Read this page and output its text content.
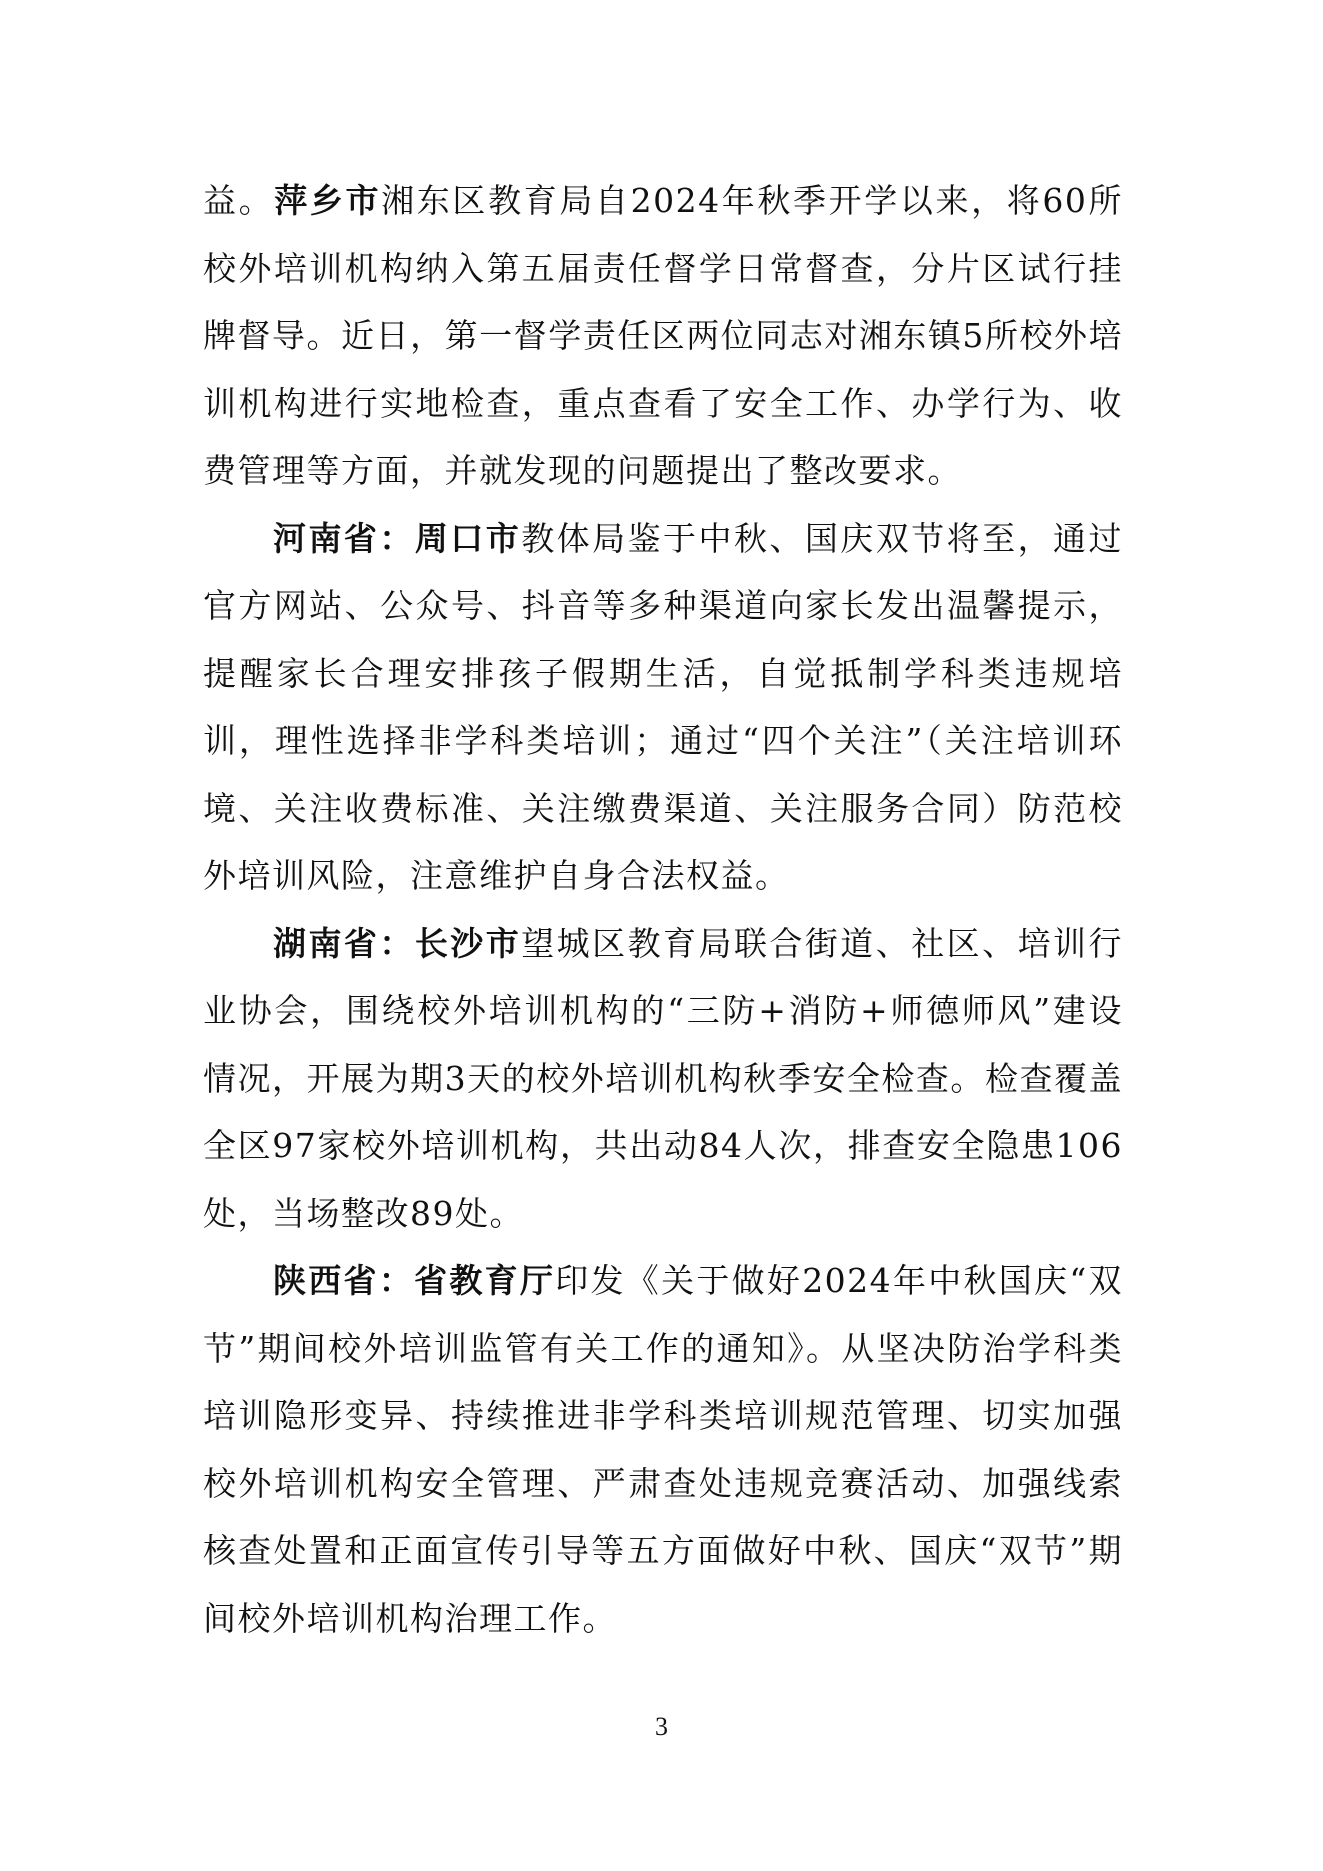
益。萍乡市湘东区教育局自2024年秋季开学以来，将60所校外培训机构纳入第五届责任督学日常督查，分片区试行挂牌督导。近日，第一督学责任区两位同志对湘东镇5所校外培训机构进行实地检查，重点查看了安全工作、办学行为、收费管理等方面，并就发现的问题提出了整改要求。

河南省：周口市教体局鉴于中秋、国庆双节将至，通过官方网站、公众号、抖音等多种渠道向家长发出温馨提示，提醒家长合理安排孩子假期生活，自觉抵制学科类违规培训，理性选择非学科类培训；通过“四个关注”（关注培训环境、关注收费标准、关注缴费渠道、关注服务合同）防范校外培训风险，注意维护自身合法权益。

湖南省：长沙市望城区教育局联合街道、社区、培训行业协会，围绕校外培训机构的“三防+消防+师德师风”建设情况，开展为期3天的校外培训机构秋季安全检查。检查覆盖全区97家校外培训机构，共出动84人次，排查安全隐患106处，当场整改89处。

陕西省：省教育厅印发《关于做好2024年中秋国庆“双节”期间校外培训监管有关工作的通知》。从坚决防治学科类培训隐形变异、持续推进非学科类培训规范管理、切实加强校外培训机构安全管理、严肃查处违规竞赛活动、加强线索核查处置和正面宣传引导等五方面做好中秋、国庆“双节”期间校外培训机构治理工作。

3
